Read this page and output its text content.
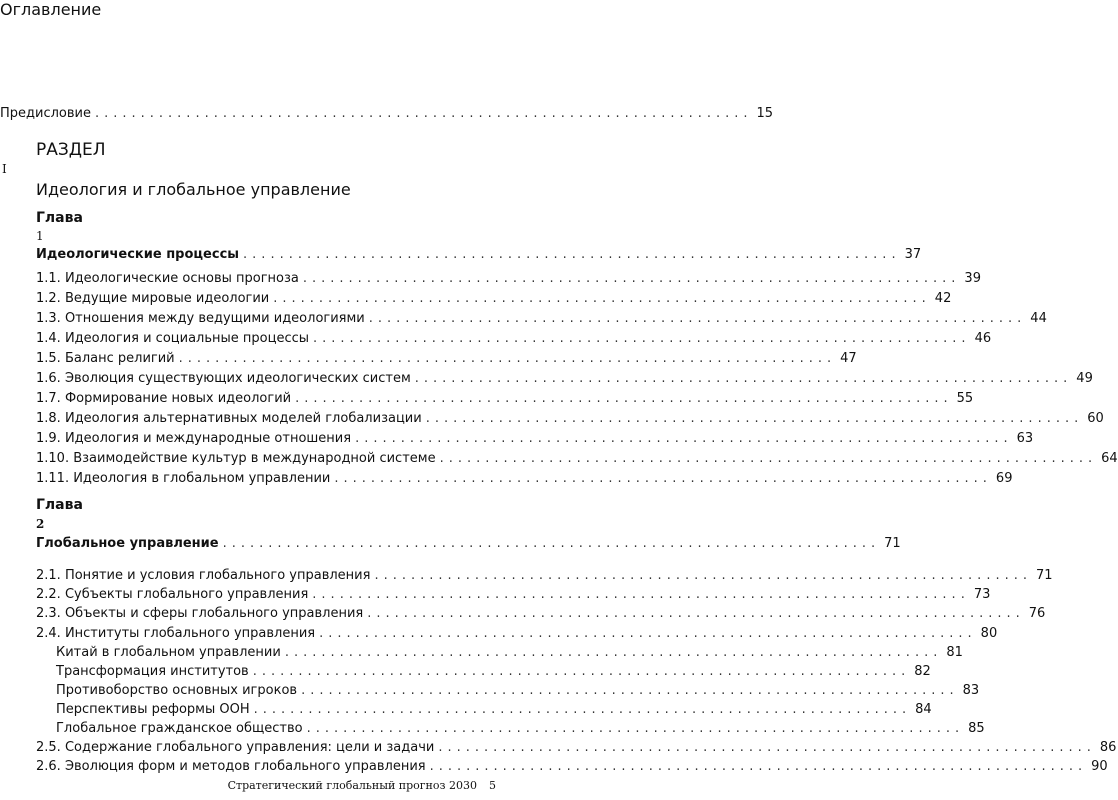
Оглавление
Предисловие ........................................................................ 15
РАЗДЕЛ
I
Идеология и глобальное управление
Глава
1
Идеологические процессы ........................................................................ 37
1.1. Идеологические основы прогноза ........................................................................ 39
1.2. Ведущие мировые идеологии ........................................................................ 42
1.3. Отношения между ведущими идеологиями ........................................................................ 44
1.4. Идеология и социальные процессы ........................................................................ 46
1.5. Баланс религий ........................................................................ 47
1.6. Эволюция существующих идеологических систем ........................................................................ 49
1.7. Формирование новых идеологий ........................................................................ 55
1.8. Идеология альтернативных моделей глобализации ........................................................................ 60
1.9. Идеология и международные отношения ........................................................................ 63
1.10. Взаимодействие культур в международной системе ........................................................................ 64
1.11. Идеология в глобальном управлении ........................................................................ 69
Глава
2
Глобальное управление ........................................................................ 71
2.1. Понятие и условия глобального управления ........................................................................ 71
2.2. Субъекты глобального управления ........................................................................ 73
2.3. Объекты и сферы глобального управления ........................................................................ 76
2.4. Институты глобального управления ........................................................................ 80
Китай в глобальном управлении ........................................................................ 81
Трансформация институтов ........................................................................ 82
Противоборство основных игроков ........................................................................ 83
Перспективы реформы ООН ........................................................................ 84
Глобальное гражданское общество ........................................................................ 85
2.5. Содержание глобального управления: цели и задачи ........................................................................ 86
2.6. Эволюция форм и методов глобального управления ........................................................................ 90
Стратегический глобальный прогноз 2030 5
